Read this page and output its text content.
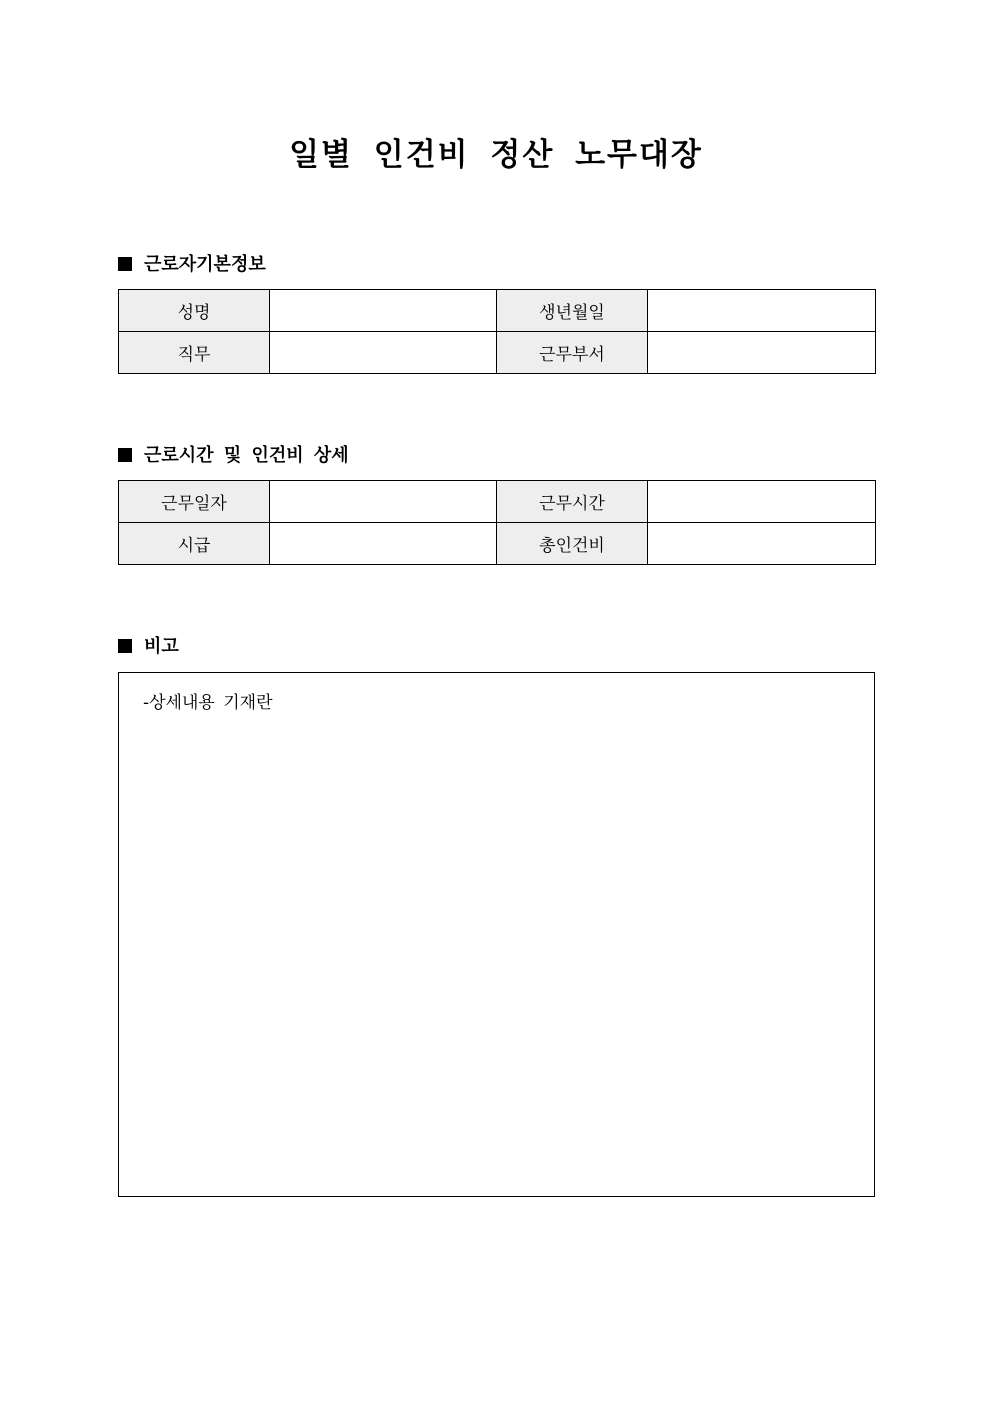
일별 인건비 정산 노무대장
근로자기본정보
성명		생년월일	
직무		근무부서	
근로시간 및 인건비 상세
근무일자		근무시간	
시급		총인건비	
비고
-상세내용 기재란
